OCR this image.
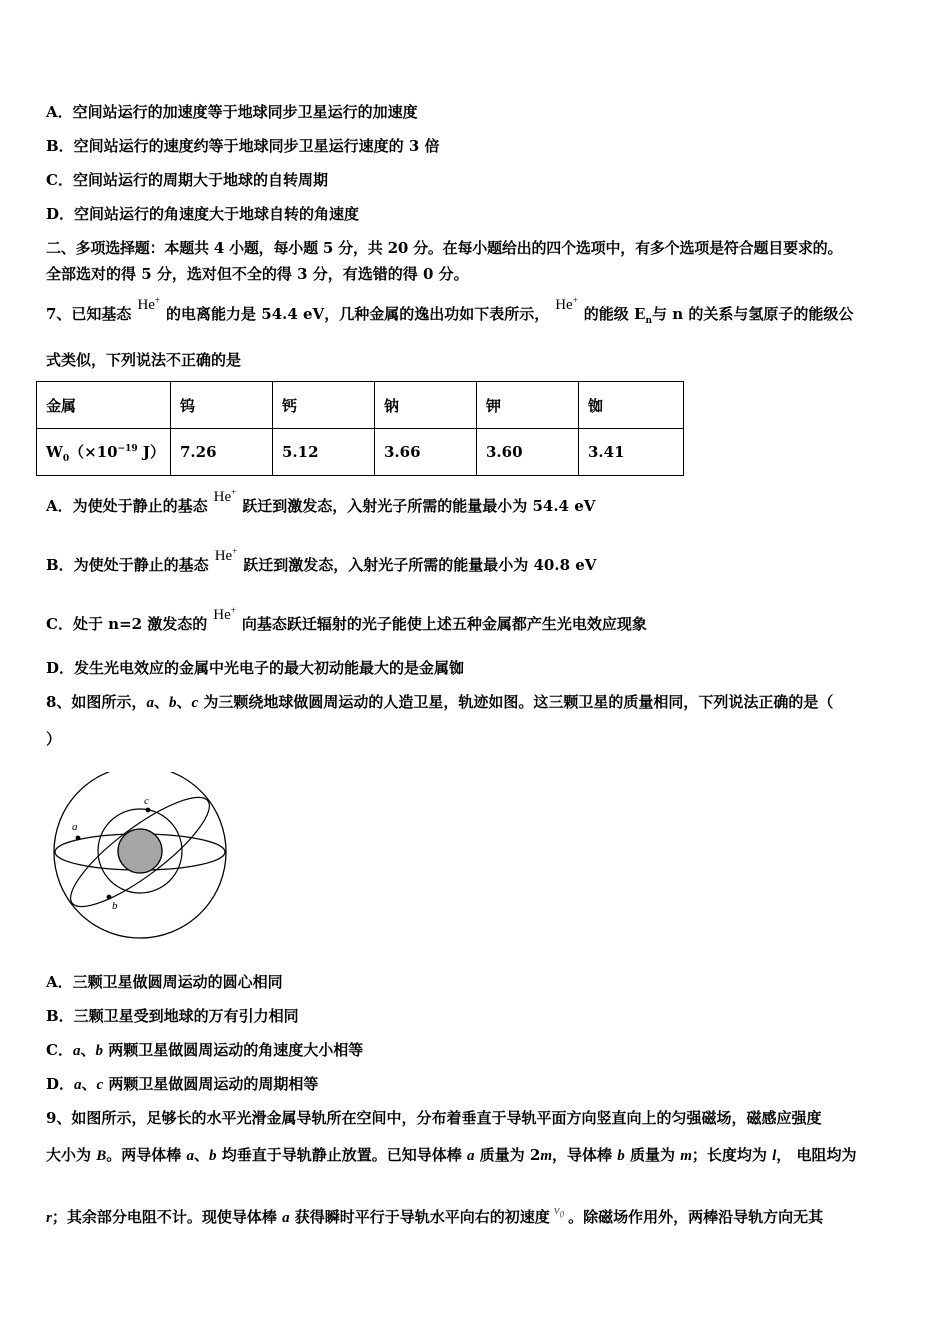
A．空间站运行的加速度等于地球同步卫星运行的加速度
B．空间站运行的速度约等于地球同步卫星运行速度的 3 倍
C．空间站运行的周期大于地球的自转周期
D．空间站运行的角速度大于地球自转的角速度
二、多项选择题：本题共 4 小题，每小题 5 分，共 20 分。在每小题给出的四个选项中，有多个选项是符合题目要求的。
全部选对的得 5 分，选对但不全的得 3 分，有选错的得 0 分。
7、已知基态 He+的电离能力是 54.4 eV，几种金属的逸出功如下表所示， He+的能级 $E_n$与 n 的关系与氢原子的能级公
式类似，下列说法不正确的是
金属	钨	钙	钠	钾	铷
$W_0(\times 10^{-19}$ J）	7.26	5.12	3.66	3.60	3.41
A．为使处于静止的基态 He+跃迁到激发态，入射光子所需的能量最小为 54.4 eV
B．为使处于静止的基态 He+跃迁到激发态，入射光子所需的能量最小为 40.8 eV
C．处于 n=2 激发态的 He+向基态跃迁辐射的光子能使上述五种金属都产生光电效应现象
D．发生光电效应的金属中光电子的最大初动能最大的是金属铷
8、如图所示，a、b、c 为三颗绕地球做圆周运动的人造卫星，轨迹如图。这三颗卫星的质量相同，下列说法正确的是（
）
a
b
c
A．三颗卫星做圆周运动的圆心相同
B．三颗卫星受到地球的万有引力相同
C．a、b 两颗卫星做圆周运动的角速度大小相等
D．a、c 两颗卫星做圆周运动的周期相等
9、如图所示，足够长的水平光滑金属导轨所在空间中，分布着垂直于导轨平面方向竖直向上的匀强磁场，磁感应强度
大小为 B。两导体棒 a、b 均垂直于导轨静止放置。已知导体棒 a 质量为 2m，导体棒 b 质量为 m；长度均为 l， 电阻均为
r；其余部分电阻不计。现使导体棒 a 获得瞬时平行于导轨水平向右的初速度 $v_0$ 。除磁场作用外，两棒沿导轨方向无其
